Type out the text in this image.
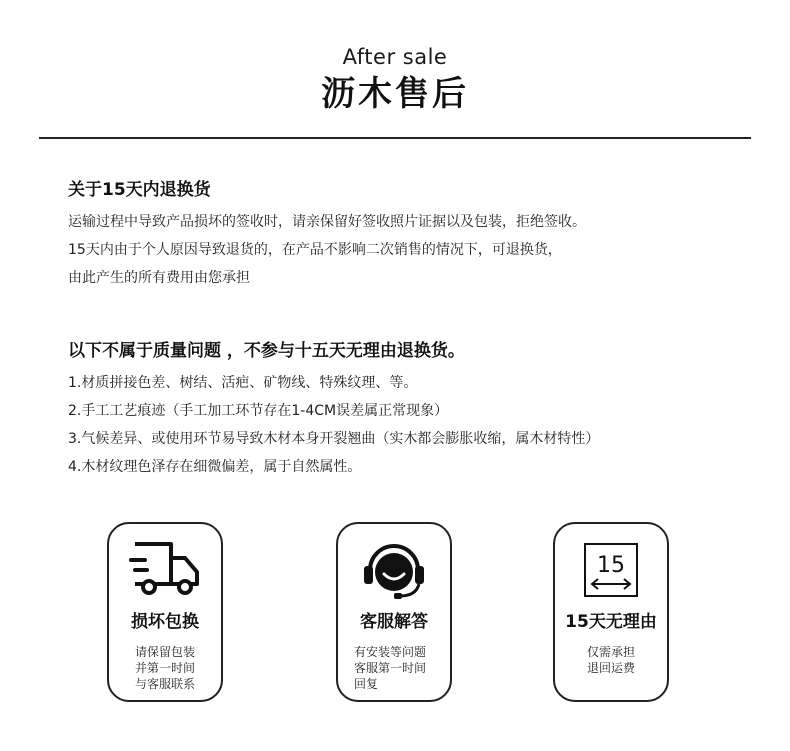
After sale
沥木售后
关于15天内退换货
运输过程中导致产品损坏的签收时，请亲保留好签收照片证据以及包装，拒绝签收。
15天内由于个人原因导致退货的，在产品不影响二次销售的情况下，可退换货，
由此产生的所有费用由您承担
以下不属于质量问题 ，不参与十五天无理由退换货。
1.材质拼接色差、树结、活疤、矿物线、特殊纹理、等。
2.手工工艺痕迹（手工加工环节存在1-4CM误差属正常现象）
3.气候差异、或使用环节易导致木材本身开裂翘曲（实木都会膨胀收缩，属木材特性）
4.木材纹理色泽存在细微偏差，属于自然属性。
损坏包换
请保留包装
并第一时间
与客服联系
客服解答
有安装等问题
客服第一时间
回复
15
15天无理由
仅需承担
退回运费
